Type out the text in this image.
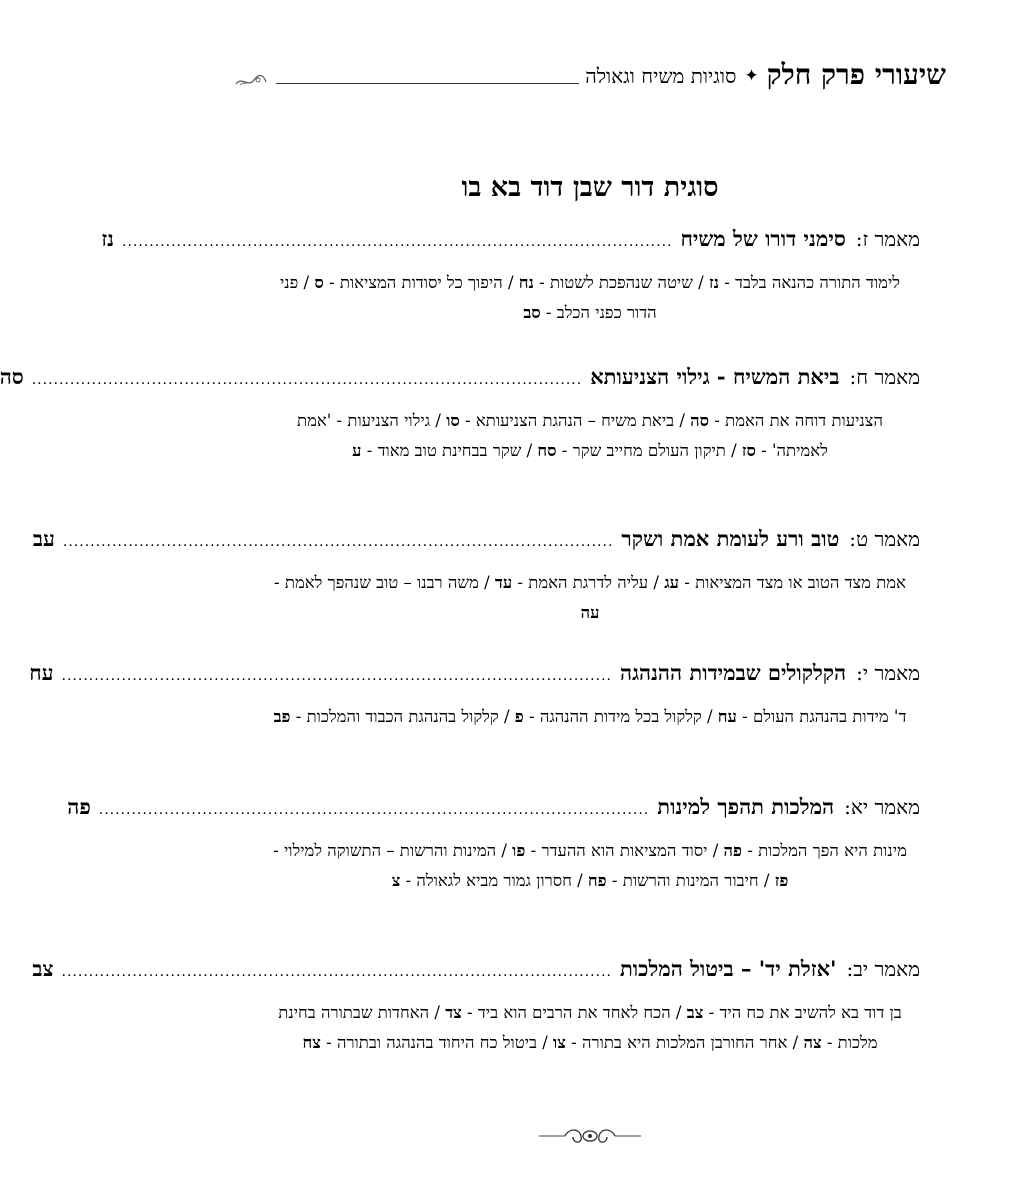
שיעורי פרק חלק
✦
סוגיות משיח וגאולה
סוגית דור שבן דוד בא בו
מאמר ז:
סימני דורו של משיח
.....................................................................................................
נז
לימוד התורה כהנאה בלבד - נז / שיטה שנהפכת לשטות - נח / היפוך כל יסודות המציאות - ס / פני הדור כפני הכלב - סב
מאמר ח:
ביאת המשיח - גילוי הצניעותא
.....................................................................................................
סה
הצניעות דוחה את האמת - סה / ביאת משיח – הנהגת הצניעותא - סו / גילוי הצניעות - 'אמת לאמיתה' - סז / תיקון העולם מחייב שקר - סח / שקר בבחינת טוב מאוד - ע
מאמר ט:
טוב ורע לעומת אמת ושקר
.....................................................................................................
עב
אמת מצד הטוב או מצד המציאות - עג / עליה לדרגת האמת - עד / משה רבנו – טוב שנהפך לאמת - עה
מאמר י:
הקלקולים שבמידות ההנהגה
.....................................................................................................
עח
ד' מידות בהנהגת העולם - עח / קלקול בכל מידות ההנהגה - פ / קלקול בהנהגת הכבוד והמלכות - פב
מאמר יא:
המלכות תהפך למינות
.....................................................................................................
פה
מינות היא הפך המלכות - פה / יסוד המציאות הוא ההעדר - פו / המינות והרשות – התשוקה למילוי - פז / חיבור המינות והרשות - פח / חסרון גמור מביא לגאולה - צ
מאמר יב:
'אזלת יד' – ביטול המלכות
.....................................................................................................
צב
בן דוד בא להשיב את כח היד - צב / הכח לאחד את הרבים הוא ביד - צד / האחדות שבתורה בחינת מלכות - צה / אחר החורבן המלכות היא בתורה - צו / ביטול כח היחוד בהנהגה ובתורה - צח
